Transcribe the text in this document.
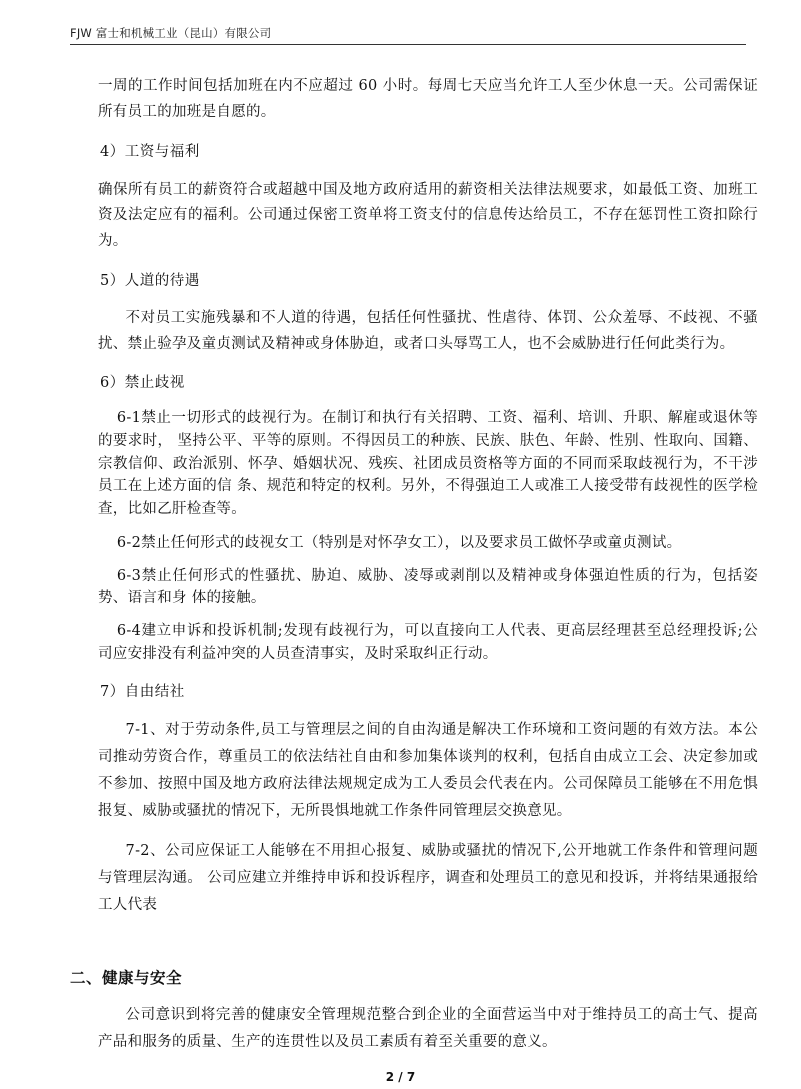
FJW 富士和机械工业（昆山）有限公司

一周的工作时间包括加班在内不应超过 60 小时。每周七天应当允许工人至少休息一天。公司需保证所有员工的加班是自愿的。

4）工资与福利

确保所有员工的薪资符合或超越中国及地方政府适用的薪资相关法律法规要求，如最低工资、加班工资及法定应有的福利。公司通过保密工资单将工资支付的信息传达给员工，不存在惩罚性工资扣除行为。

5）人道的待遇

不对员工实施残暴和不人道的待遇，包括任何性骚扰、性虐待、体罚、公众羞辱、不歧视、不骚扰、禁止验孕及童贞测试及精神或身体胁迫，或者口头辱骂工人，也不会威胁进行任何此类行为。

6）禁止歧视

6-1禁止一切形式的歧视行为。在制订和执行有关招聘、工资、福利、培训、升职、解雇或退休等的要求时， 坚持公平、平等的原则。不得因员工的种族、民族、肤色、年龄、性别、性取向、国籍、宗教信仰、政治派别、怀孕、婚姻状况、残疾、社团成员资格等方面的不同而采取歧视行为，不干涉员工在上述方面的信 条、规范和特定的权利。另外，不得强迫工人或准工人接受带有歧视性的医学检查，比如乙肝检查等。

6-2禁止任何形式的歧视女工（特别是对怀孕女工），以及要求员工做怀孕或童贞测试。

6-3禁止任何形式的性骚扰、胁迫、威胁、凌辱或剥削以及精神或身体强迫性质的行为，包括姿势、语言和身 体的接触。

6-4建立申诉和投诉机制;发现有歧视行为，可以直接向工人代表、更高层经理甚至总经理投诉;公司应安排没有利益冲突的人员查清事实，及时采取纠正行动。

7）自由结社

7-1、对于劳动条件,员工与管理层之间的自由沟通是解决工作环境和工资问题的有效方法。本公司推动劳资合作，尊重员工的依法结社自由和参加集体谈判的权利，包括自由成立工会、决定参加或不参加、按照中国及地方政府法律法规规定成为工人委员会代表在内。公司保障员工能够在不用危惧报复、威胁或骚扰的情况下，无所畏惧地就工作条件同管理层交换意见。

7-2、公司应保证工人能够在不用担心报复、威胁或骚扰的情况下,公开地就工作条件和管理问题与管理层沟通。 公司应建立并维持申诉和投诉程序，调查和处理员工的意见和投诉，并将结果通报给工人代表

二、健康与安全

公司意识到将完善的健康安全管理规范整合到企业的全面营运当中对于维持员工的高士气、提高产品和服务的质量、生产的连贯性以及员工素质有着至关重要的意义。

2 / 7
